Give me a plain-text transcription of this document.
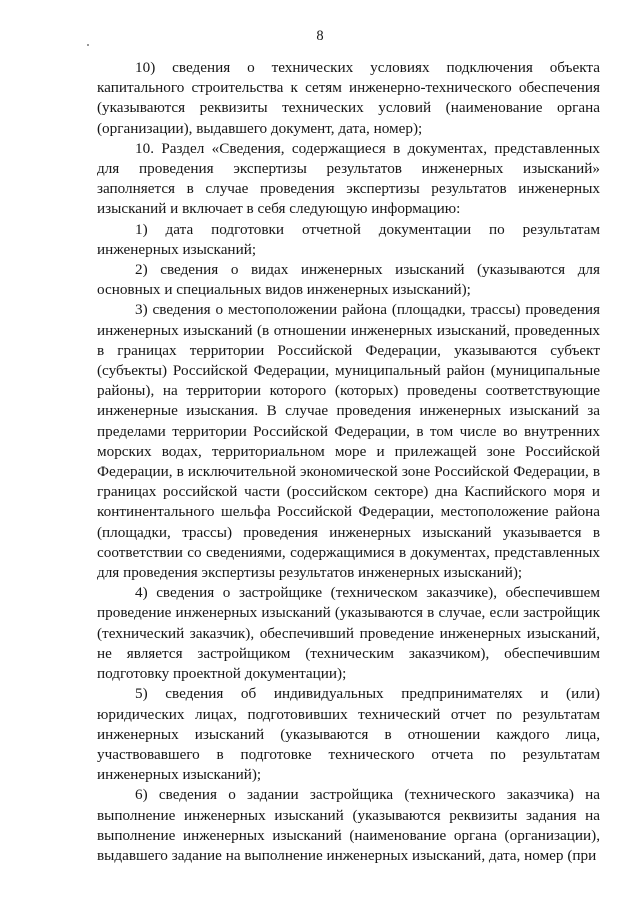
8

10) сведения о технических условиях подключения объекта капитального строительства к сетям инженерно-технического обеспечения (указываются реквизиты технических условий (наименование органа (организации), выдавшего документ, дата, номер);

10. Раздел «Сведения, содержащиеся в документах, представленных для проведения экспертизы результатов инженерных изысканий» заполняется в случае проведения экспертизы результатов инженерных изысканий и включает в себя следующую информацию:

1) дата подготовки отчетной документации по результатам инженерных изысканий;

2) сведения о видах инженерных изысканий (указываются для основных и специальных видов инженерных изысканий);

3) сведения о местоположении района (площадки, трассы) проведения инженерных изысканий (в отношении инженерных изысканий, проведенных в границах территории Российской Федерации, указываются субъект (субъекты) Российской Федерации, муниципальный район (муниципальные районы), на территории которого (которых) проведены соответствующие инженерные изыскания. В случае проведения инженерных изысканий за пределами территории Российской Федерации, в том числе во внутренних морских водах, территориальном море и прилежащей зоне Российской Федерации, в исключительной экономической зоне Российской Федерации, в границах российской части (российском секторе) дна Каспийского моря и континентального шельфа Российской Федерации, местоположение района (площадки, трассы) проведения инженерных изысканий указывается в соответствии со сведениями, содержащимися в документах, представленных для проведения экспертизы результатов инженерных изысканий);

4) сведения о застройщике (техническом заказчике), обеспечившем проведение инженерных изысканий (указываются в случае, если застройщик (технический заказчик), обеспечивший проведение инженерных изысканий, не является застройщиком (техническим заказчиком), обеспечившим подготовку проектной документации);

5) сведения об индивидуальных предпринимателях и (или) юридических лицах, подготовивших технический отчет по результатам инженерных изысканий (указываются в отношении каждого лица, участвовавшего в подготовке технического отчета по результатам инженерных изысканий);

6) сведения о задании застройщика (технического заказчика) на выполнение инженерных изысканий (указываются реквизиты задания на выполнение инженерных изысканий (наименование органа (организации), выдавшего задание на выполнение инженерных изысканий, дата, номер (при
